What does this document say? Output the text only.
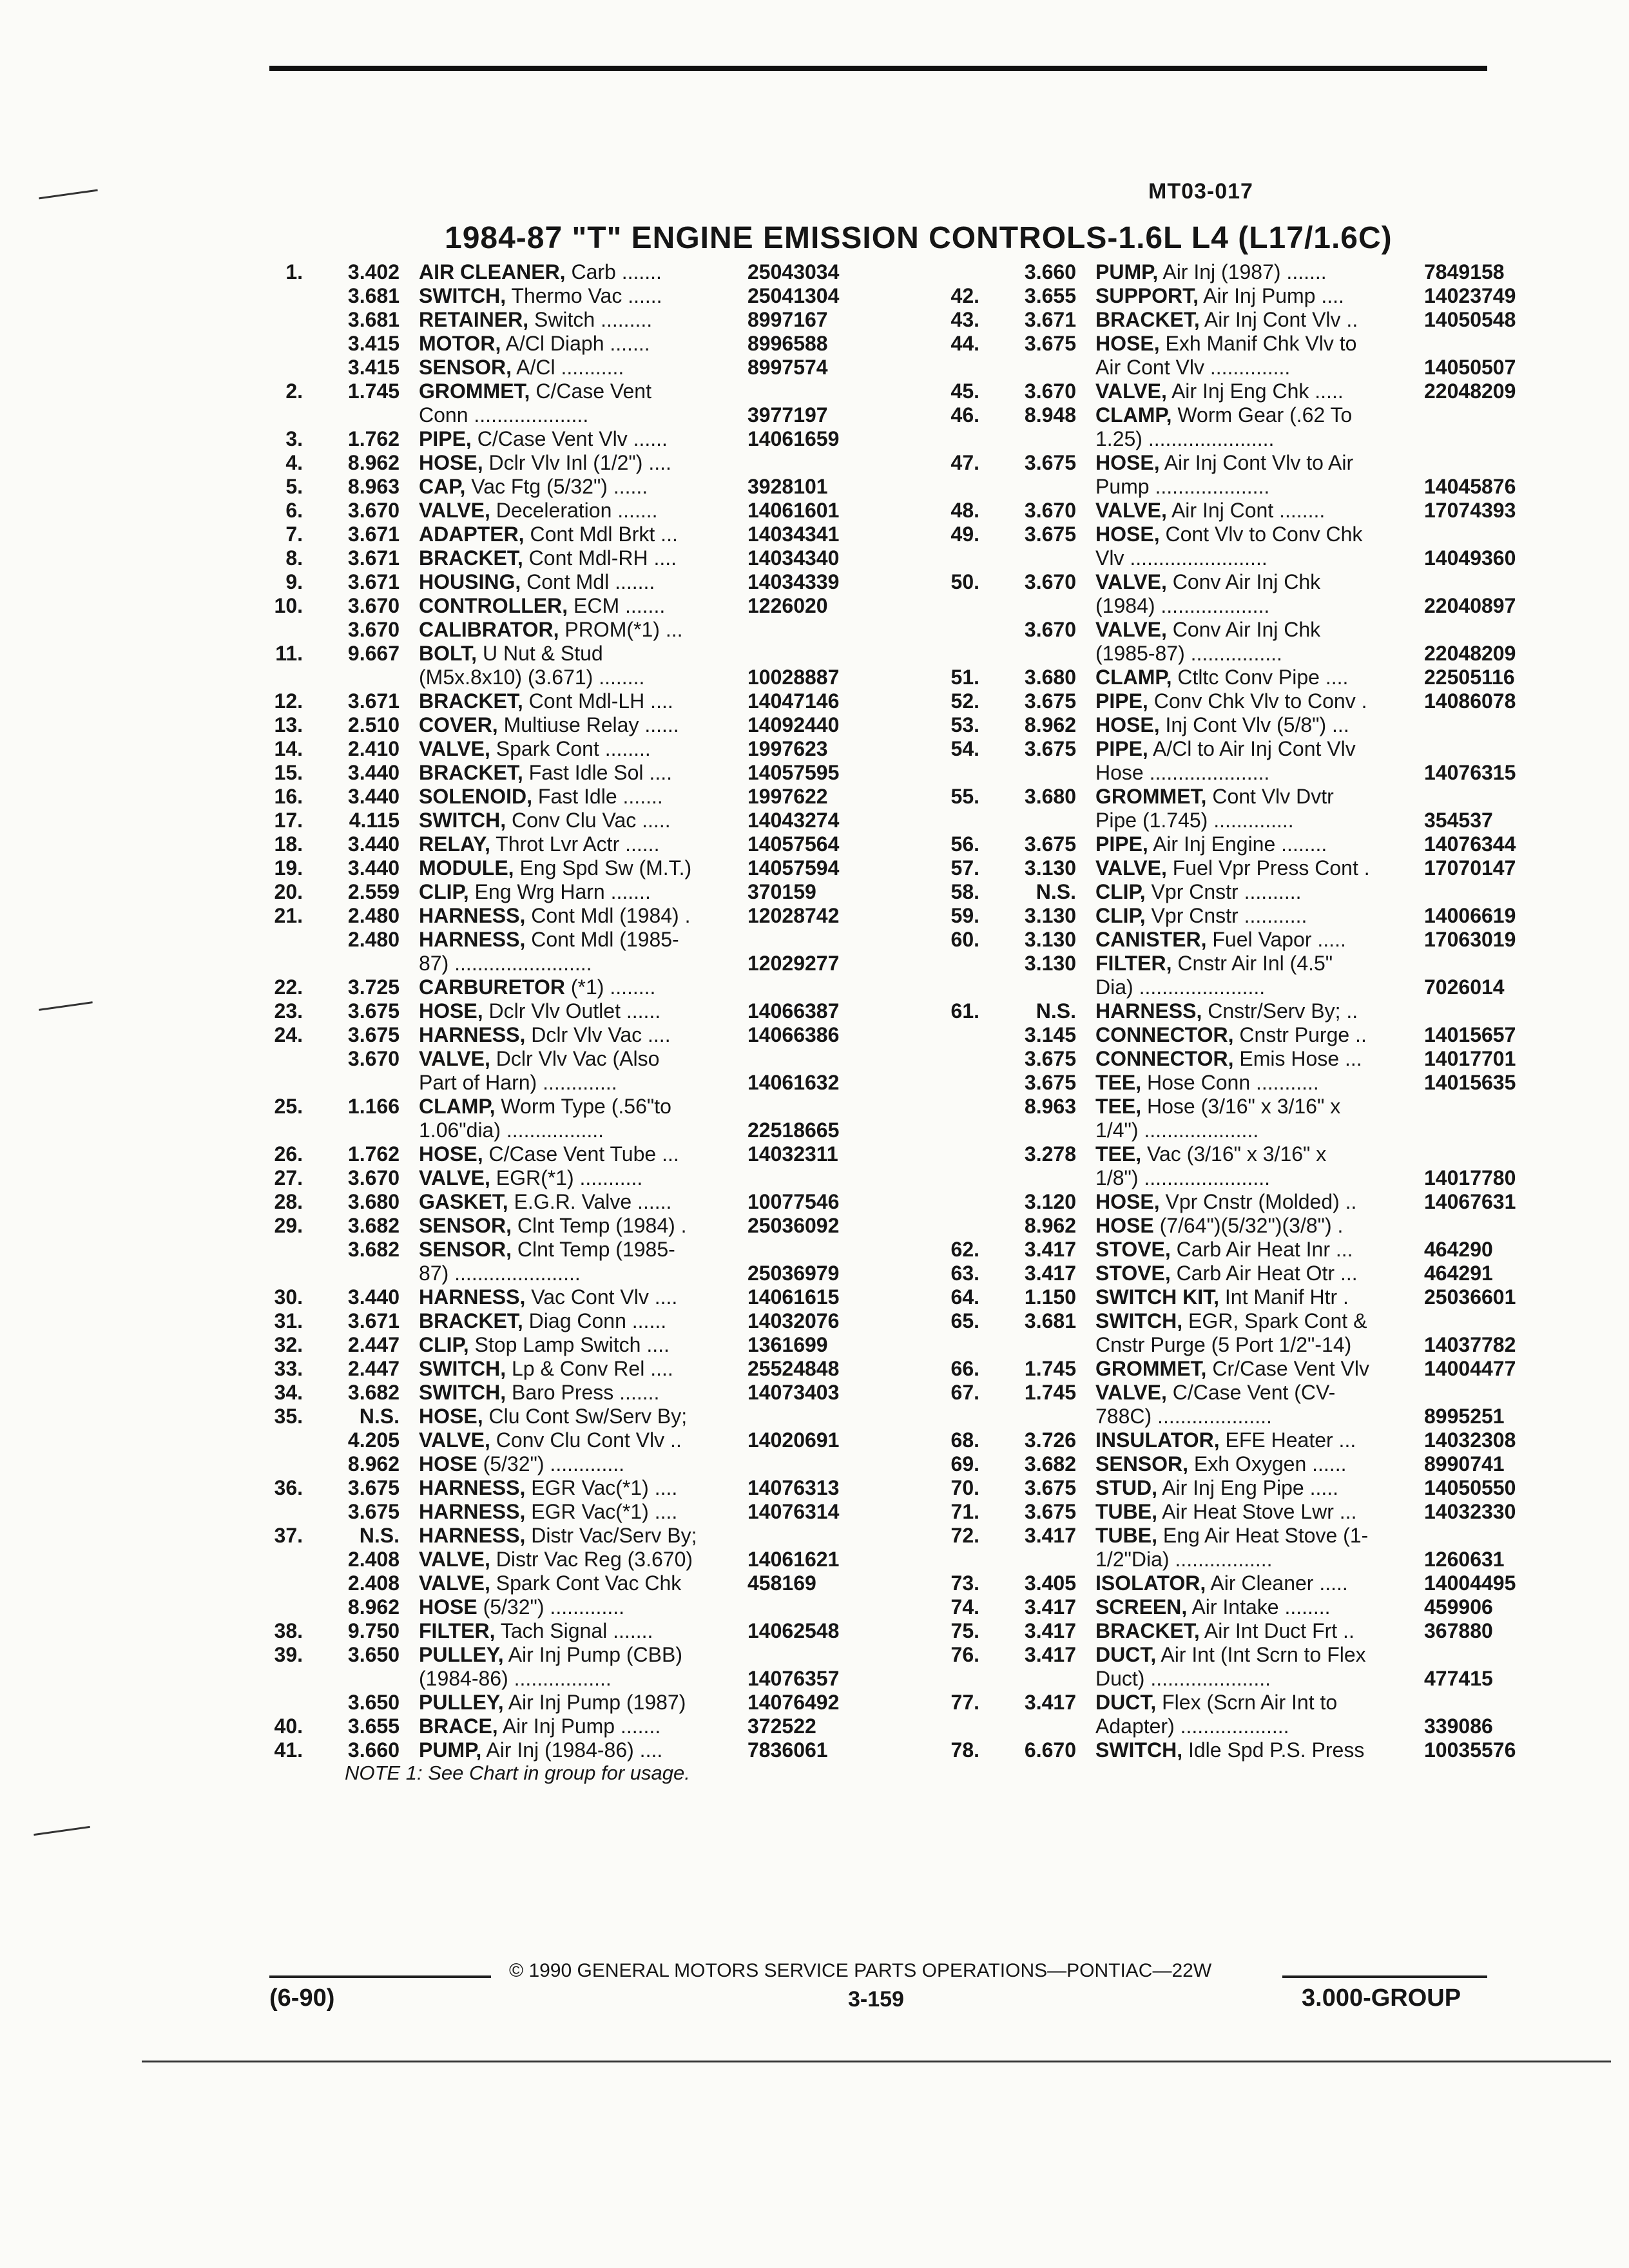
MT03-017
1984-87 "T" ENGINE EMISSION CONTROLS-1.6L L4 (L17/1.6C)
1.	3.402 AIR CLEANER, Carb .......	25043034
3.681 SWITCH, Thermo Vac ......	25041304
3.681 RETAINER, Switch .........	8997167
3.415 MOTOR, A/Cl Diaph .......	8996588
3.415 SENSOR, A/Cl ...........	8997574
2.	1.745 GROMMET, C/Case Vent
Conn ....................	3977197
3.	1.762 PIPE, C/Case Vent Vlv ......	14061659
4.	8.962 HOSE, Dclr Vlv Inl (1/2") ....
5.	8.963 CAP, Vac Ftg (5/32") ......	3928101
6.	3.670 VALVE, Deceleration .......	14061601
7.	3.671 ADAPTER, Cont Mdl Brkt ...	14034341
8.	3.671 BRACKET, Cont Mdl-RH ....	14034340
9.	3.671 HOUSING, Cont Mdl .......	14034339
10.	3.670 CONTROLLER, ECM .......	1226020
3.670 CALIBRATOR, PROM(*1) ...
11.	9.667 BOLT, U Nut & Stud
(M5x.8x10) (3.671) ........	10028887
12.	3.671 BRACKET, Cont Mdl-LH ....	14047146
13.	2.510 COVER, Multiuse Relay ......	14092440
14.	2.410 VALVE, Spark Cont ........	1997623
15.	3.440 BRACKET, Fast Idle Sol ....	14057595
16.	3.440 SOLENOID, Fast Idle .......	1997622
17.	4.115 SWITCH, Conv Clu Vac .....	14043274
18.	3.440 RELAY, Throt Lvr Actr ......	14057564
19.	3.440 MODULE, Eng Spd Sw (M.T.)	14057594
20.	2.559 CLIP, Eng Wrg Harn .......	370159
21.	2.480 HARNESS, Cont Mdl (1984) .	12028742
2.480 HARNESS, Cont Mdl (1985-
87) ........................	12029277
22.	3.725 CARBURETOR (*1) ........
23.	3.675 HOSE, Dclr Vlv Outlet ......	14066387
24.	3.675 HARNESS, Dclr Vlv Vac ....	14066386
3.670 VALVE, Dclr Vlv Vac (Also
Part of Harn) .............	14061632
25.	1.166 CLAMP, Worm Type (.56"to
1.06"dia) .................	22518665
26.	1.762 HOSE, C/Case Vent Tube ...	14032311
27.	3.670 VALVE, EGR(*1) ...........
28.	3.680 GASKET, E.G.R. Valve ......	10077546
29.	3.682 SENSOR, Clnt Temp (1984) .	25036092
3.682 SENSOR, Clnt Temp (1985-
87) ......................	25036979
30.	3.440 HARNESS, Vac Cont Vlv ....	14061615
31.	3.671 BRACKET, Diag Conn ......	14032076
32.	2.447 CLIP, Stop Lamp Switch ....	1361699
33.	2.447 SWITCH, Lp & Conv Rel ....	25524848
34.	3.682 SWITCH, Baro Press .......	14073403
35.	N.S. HOSE, Clu Cont Sw/Serv By;
4.205 VALVE, Conv Clu Cont Vlv ..	14020691
8.962 HOSE (5/32") .............
36.	3.675 HARNESS, EGR Vac(*1) ....	14076313
3.675 HARNESS, EGR Vac(*1) ....	14076314
37.	N.S. HARNESS, Distr Vac/Serv By;
2.408 VALVE, Distr Vac Reg (3.670)	14061621
2.408 VALVE, Spark Cont Vac Chk	458169
8.962 HOSE (5/32") .............
38.	9.750 FILTER, Tach Signal .......	14062548
39.	3.650 PULLEY, Air Inj Pump (CBB)
(1984-86) .................	14076357
3.650 PULLEY, Air Inj Pump (1987)	14076492
40.	3.655 BRACE, Air Inj Pump .......	372522
41.	3.660 PUMP, Air Inj (1984-86) ....	7836061
3.660 PUMP, Air Inj (1987) .......	7849158
42.	3.655 SUPPORT, Air Inj Pump ....	14023749
43.	3.671 BRACKET, Air Inj Cont Vlv ..	14050548
44.	3.675 HOSE, Exh Manif Chk Vlv to
Air Cont Vlv ..............	14050507
45.	3.670 VALVE, Air Inj Eng Chk .....	22048209
46.	8.948 CLAMP, Worm Gear (.62 To
1.25) ......................
47.	3.675 HOSE, Air Inj Cont Vlv to Air
Pump ....................	14045876
48.	3.670 VALVE, Air Inj Cont ........	17074393
49.	3.675 HOSE, Cont Vlv to Conv Chk
Vlv ........................	14049360
50.	3.670 VALVE, Conv Air Inj Chk
(1984) ...................	22040897
3.670 VALVE, Conv Air Inj Chk
(1985-87) ................	22048209
51.	3.680 CLAMP, Ctltc Conv Pipe ....	22505116
52.	3.675 PIPE, Conv Chk Vlv to Conv .	14086078
53.	8.962 HOSE, Inj Cont Vlv (5/8") ...
54.	3.675 PIPE, A/Cl to Air Inj Cont Vlv
Hose .....................	14076315
55.	3.680 GROMMET, Cont Vlv Dvtr
Pipe (1.745) ..............	354537
56.	3.675 PIPE, Air Inj Engine ........	14076344
57.	3.130 VALVE, Fuel Vpr Press Cont .	17070147
58.	N.S. CLIP, Vpr Cnstr ..........
59.	3.130 CLIP, Vpr Cnstr ...........	14006619
60.	3.130 CANISTER, Fuel Vapor .....	17063019
3.130 FILTER, Cnstr Air Inl (4.5"
Dia) ......................	7026014
61.	N.S. HARNESS, Cnstr/Serv By; ..
3.145 CONNECTOR, Cnstr Purge ..	14015657
3.675 CONNECTOR, Emis Hose ...	14017701
3.675 TEE, Hose Conn ...........	14015635
8.963 TEE, Hose (3/16" x 3/16" x
1/4") ....................
3.278 TEE, Vac (3/16" x 3/16" x
1/8") ......................	14017780
3.120 HOSE, Vpr Cnstr (Molded) ..	14067631
8.962 HOSE (7/64")(5/32")(3/8") .
62.	3.417 STOVE, Carb Air Heat Inr ...	464290
63.	3.417 STOVE, Carb Air Heat Otr ...	464291
64.	1.150 SWITCH KIT, Int Manif Htr .	25036601
65.	3.681 SWITCH, EGR, Spark Cont &
Cnstr Purge (5 Port 1/2"-14)	14037782
66.	1.745 GROMMET, Cr/Case Vent Vlv	14004477
67.	1.745 VALVE, C/Case Vent (CV-
788C) ....................	8995251
68.	3.726 INSULATOR, EFE Heater ...	14032308
69.	3.682 SENSOR, Exh Oxygen ......	8990741
70.	3.675 STUD, Air Inj Eng Pipe .....	14050550
71.	3.675 TUBE, Air Heat Stove Lwr ...	14032330
72.	3.417 TUBE, Eng Air Heat Stove (1-
1/2"Dia) .................	1260631
73.	3.405 ISOLATOR, Air Cleaner .....	14004495
74.	3.417 SCREEN, Air Intake ........	459906
75.	3.417 BRACKET, Air Int Duct Frt ..	367880
76.	3.417 DUCT, Air Int (Int Scrn to Flex
Duct) .....................	477415
77.	3.417 DUCT, Flex (Scrn Air Int to
Adapter) ...................	339086
78.	6.670 SWITCH, Idle Spd P.S. Press	10035576
NOTE 1: See Chart in group for usage.
© 1990 GENERAL MOTORS SERVICE PARTS OPERATIONS—PONTIAC—22W
(6-90)	3-159	3.000-GROUP
